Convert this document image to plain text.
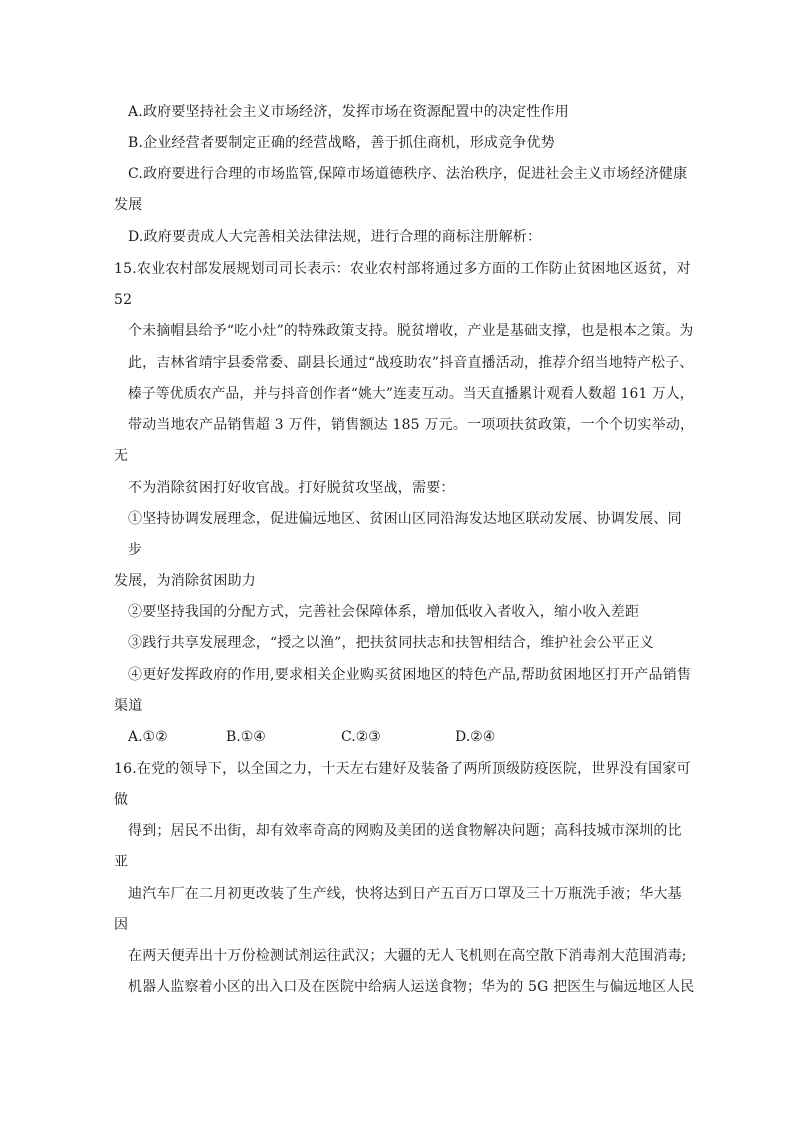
A.政府要坚持社会主义市场经济，发挥市场在资源配置中的决定性作用
B.企业经营者要制定正确的经营战略，善于抓住商机，形成竞争优势
C.政府要进行合理的市场监管,保障市场道德秩序、法治秩序，促进社会主义市场经济健康
发展
D.政府要责成人大完善相关法律法规，进行合理的商标注册解析：
15.农业农村部发展规划司司长表示：农业农村部将通过多方面的工作防止贫困地区返贫，对
52
个未摘帽县给予“吃小灶”的特殊政策支持。脱贫增收，产业是基础支撑，也是根本之策。为
此，吉林省靖宇县委常委、副县长通过“战疫助农”抖音直播活动，推荐介绍当地特产松子、
榛子等优质农产品，并与抖音创作者“姚大”连麦互动。当天直播累计观看人数超 161 万人，
带动当地农产品销售超 3 万件，销售额达 185 万元。一项项扶贫政策，一个个切实举动，
无
不为消除贫困打好收官战。打好脱贫攻坚战，需要：
①坚持协调发展理念，促进偏远地区、贫困山区同沿海发达地区联动发展、协调发展、同
步
发展，为消除贫困助力
②要坚持我国的分配方式，完善社会保障体系，增加低收入者收入，缩小收入差距
③践行共享发展理念，“授之以渔”，把扶贫同扶志和扶智相结合，维护社会公平正义
④更好发挥政府的作用,要求相关企业购买贫困地区的特色产品,帮助贫困地区打开产品销售
渠道
A.①②	B.①④	C.②③	D.②④
16.在党的领导下，以全国之力，十天左右建好及装备了两所顶级防疫医院，世界没有国家可
做
得到；居民不出街，却有效率奇高的网购及美团的送食物解决问题；高科技城市深圳的比
亚
迪汽车厂在二月初更改装了生产线，快将达到日产五百万口罩及三十万瓶洗手液；华大基
因
在两天便弄出十万份检测试剂运往武汉；大疆的无人飞机则在高空散下消毒剂大范围消毒;
机器人监察着小区的出入口及在医院中给病人运送食物；华为的 5G 把医生与偏远地区人民
